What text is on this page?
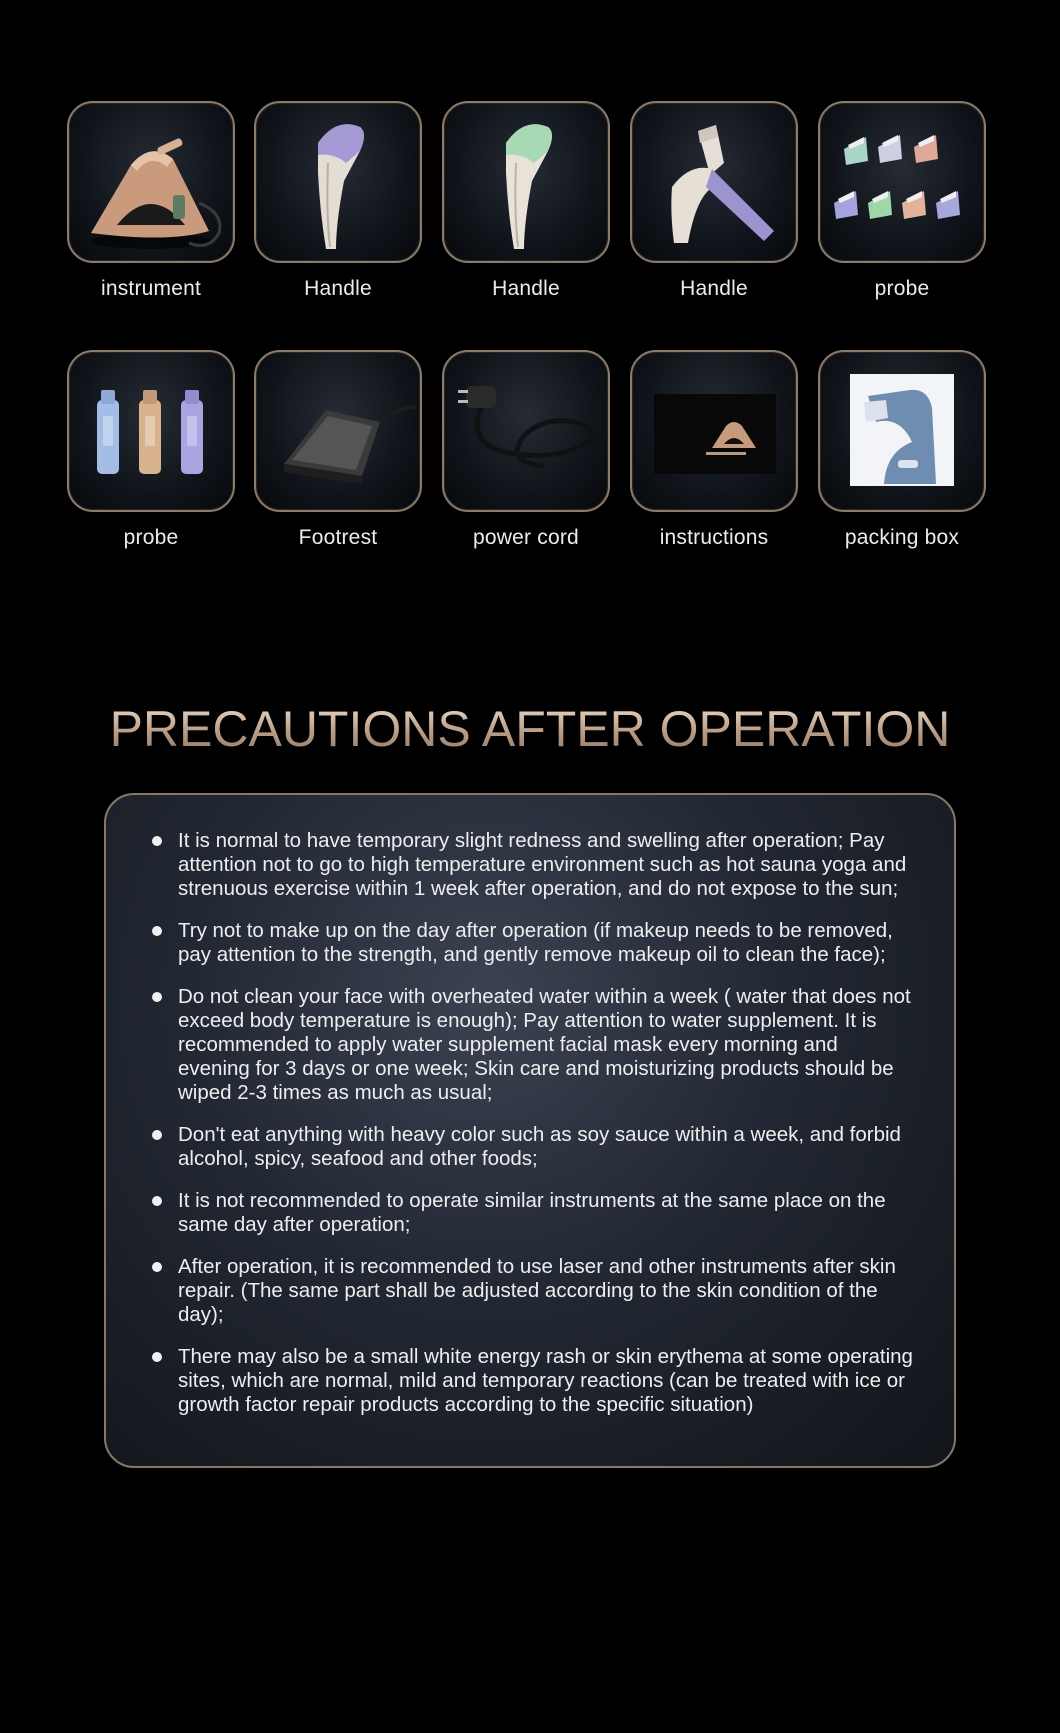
instrument	Handle	Handle	Handle	probe
probe	Footrest	power cord	instructions	packing box
PRECAUTIONS AFTER OPERATION
It is normal to have temporary slight redness and swelling after operation; Pay attention not to go to high temperature environment such as hot sauna yoga and strenuous exercise within 1 week after operation, and do not expose to the sun;
Try not to make up on the day after operation (if makeup needs to be removed, pay attention to the strength, and gently remove makeup oil to clean the face);
Do not clean your face with overheated water within a week ( water that does not exceed body temperature is enough); Pay attention to water supplement. It is recommended to apply water supplement facial mask every morning and evening for 3 days or one week; Skin care and moisturizing products should be wiped 2-3 times as much as usual;
Don't eat anything with heavy color such as soy sauce within a week, and forbid alcohol, spicy, seafood and other foods;
It is not recommended to operate similar instruments at the same place on the same day after operation;
After operation, it is recommended to use laser and other instruments after skin repair. (The same part shall be adjusted according to the skin condition of the day);
There may also be a small white energy rash or skin erythema at some operating sites, which are normal, mild and temporary reactions (can be treated with ice or growth factor repair products according to the specific situation)
